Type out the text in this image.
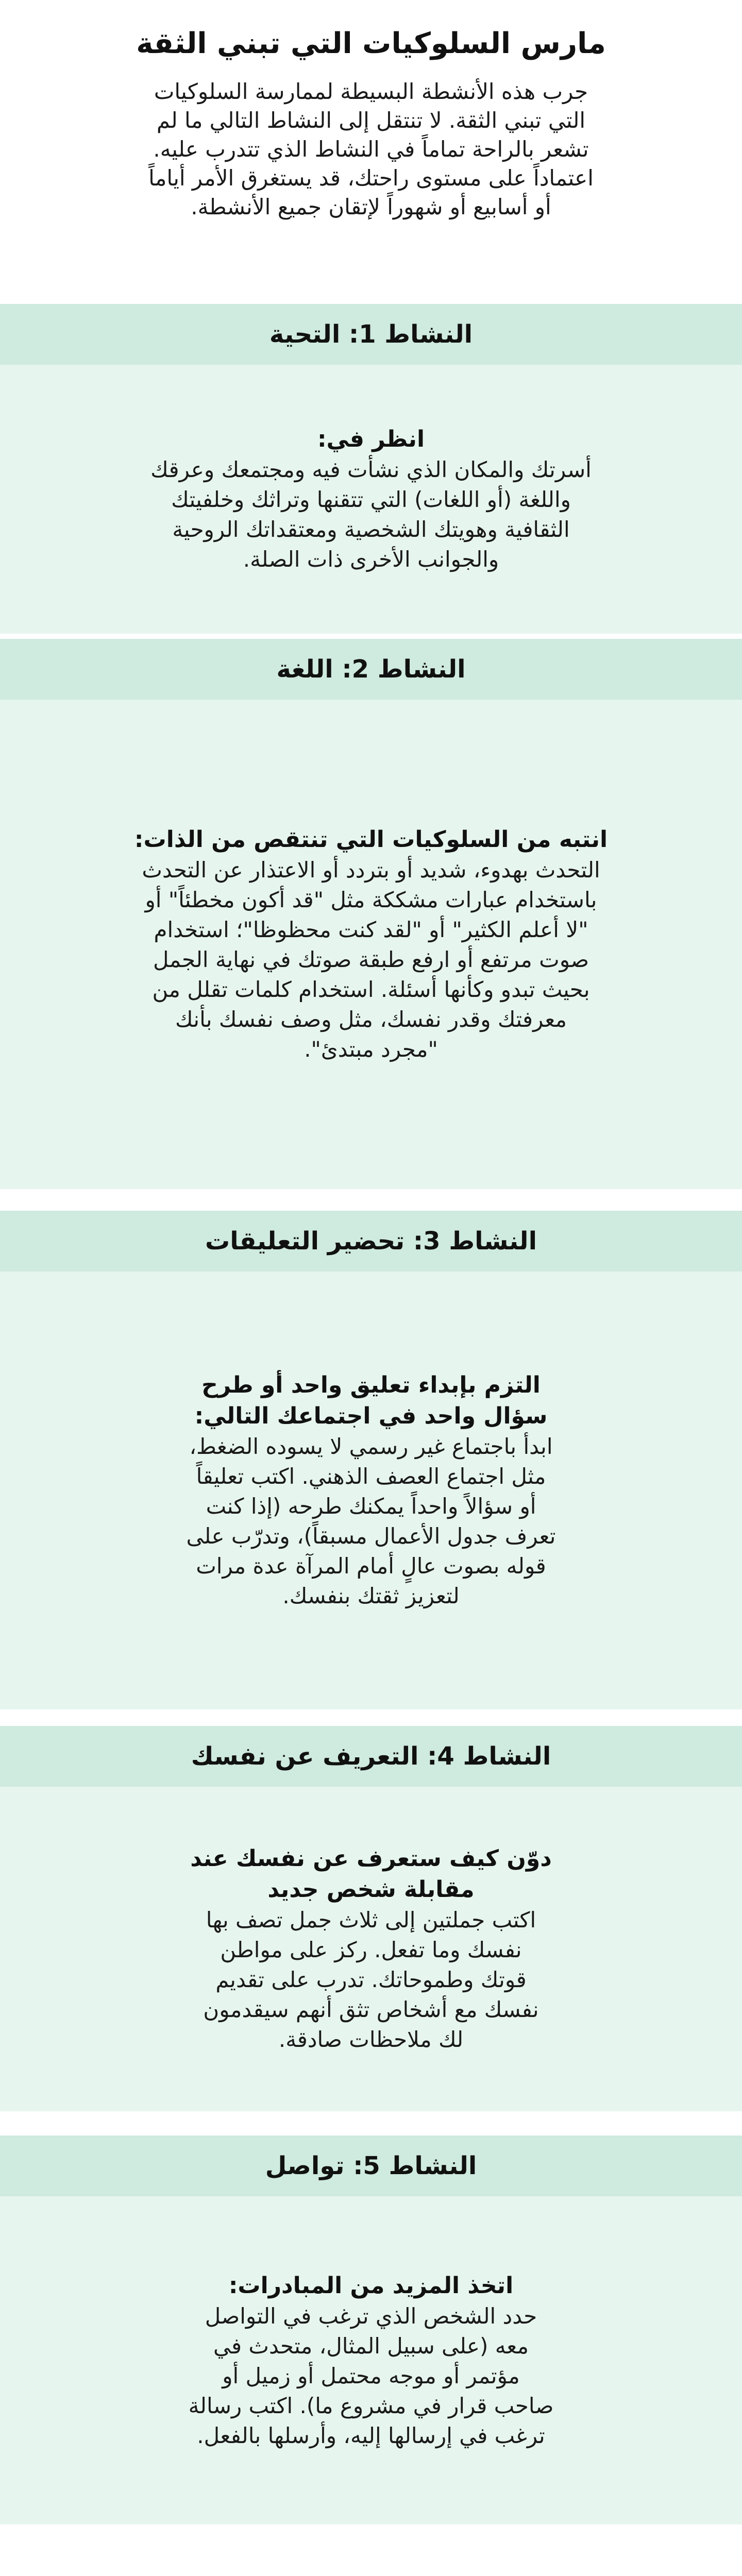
مارس السلوكيات التي تبني الثقة

جرب هذه الأنشطة البسيطة لممارسة السلوكيات

التي تبني الثقة. لا تنتقل إلى النشاط التالي ما لم

تشعر بالراحة تماماً في النشاط الذي تتدرب عليه.

اعتماداً على مستوى راحتك، قد يستغرق الأمر أياماً

أو أسابيع أو شهوراً لإتقان جميع الأنشطة.

النشاط 1: التحية
انظر في:
أسرتك والمكان الذي نشأت فيه ومجتمعك وعرقك
واللغة (أو اللغات) التي تتقنها وتراثك وخلفيتك
الثقافية وهويتك الشخصية ومعتقداتك الروحية
والجوانب الأخرى ذات الصلة.
النشاط 2: اللغة
انتبه من السلوكيات التي تنتقص من الذات:
التحدث بهدوء، شديد أو بتردد أو الاعتذار عن التحدث
باستخدام عبارات مشككة مثل "قد أكون مخطئاً" أو
"لا أعلم الكثير" أو "لقد كنت محظوظا"؛ استخدام
صوت مرتفع أو ارفع طبقة صوتك في نهاية الجمل
بحيث تبدو وكأنها أسئلة. استخدام كلمات تقلل من
معرفتك وقدر نفسك، مثل وصف نفسك بأنك
"مجرد مبتدئ".
النشاط 3: تحضير التعليقات
التزم بإبداء تعليق واحد أو طرح
سؤال واحد في اجتماعك التالي:
ابدأ باجتماع غير رسمي لا يسوده الضغط،
مثل اجتماع العصف الذهني. اكتب تعليقاً
أو سؤالاً واحداً يمكنك طرحه (إذا كنت
تعرف جدول الأعمال مسبقاً)، وتدرّب على
قوله بصوت عالٍ أمام المرآة عدة مرات
لتعزيز ثقتك بنفسك.
النشاط 4: التعريف عن نفسك
دوّن كيف ستعرف عن نفسك عند
مقابلة شخص جديد
اكتب جملتين إلى ثلاث جمل تصف بها
نفسك وما تفعل. ركز على مواطن
قوتك وطموحاتك. تدرب على تقديم
نفسك مع أشخاص تثق أنهم سيقدمون
لك ملاحظات صادقة.
النشاط 5: تواصل
اتخذ المزيد من المبادرات:
حدد الشخص الذي ترغب في التواصل
معه (على سبيل المثال، متحدث في
مؤتمر أو موجه محتمل أو زميل أو
صاحب قرار في مشروع ما). اكتب رسالة
ترغب في إرسالها إليه، وأرسلها بالفعل.
